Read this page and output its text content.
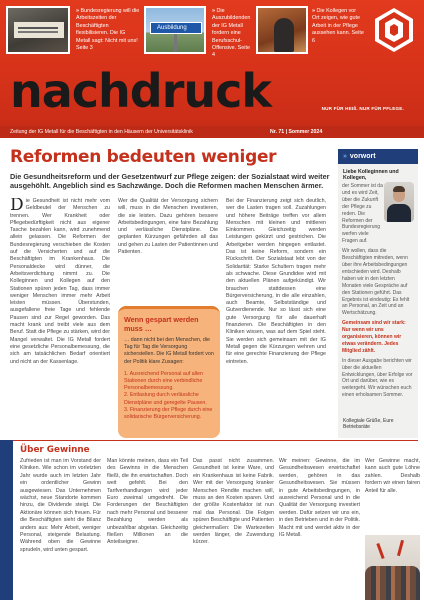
» Bundesregierung will die Arbeitszeiten der Beschäftigten flexibilisieren. Die IG Metall sagt: Nicht mit uns! Seite 3
Ausbildung
» Die Auszubildenden der IG Metall fordern eine Berufsschul-Offensive. Seite 4
» Die Kollegen vor Ort zeigen, wie gute Arbeit in der Pflege aussehen kann. Seite 6
nachdruck	NUR FÜR HEIß. NUR FÜR PFLEGE.
Zeitung der IG Metall für die Beschäftigten in den Häusern der Universitätsklinik	Nr. 71 | Sommer 2024
Reformen bedeuten weniger

Die Gesundheitsreform und der Gesetzentwurf zur Pflege zeigen: der Sozialstaat wird weiter ausgehöhlt. Angeblich sind es Sachzwänge. Doch die Reformen machen Menschen ärmer.

Die Gesundheit ist nicht mehr vom Geldbeutel der Menschen zu trennen. Wer Krankheit oder Pflegebedürftigkeit nicht aus eigener Tasche bezahlen kann, wird zunehmend allein gelassen. Die Reformen der Bundesregierung verschieben die Kosten auf die Versicherten und auf die Beschäftigten im Krankenhaus. Die Personaldecke wird dünner, die Arbeitsverdichtung nimmt zu. Die Kolleginnen und Kollegen auf den Stationen spüren jeden Tag, dass immer weniger Menschen immer mehr Arbeit leisten müssen. Überstunden, ausgefallene freie Tage und fehlende Pausen sind zur Regel geworden. Das macht krank und treibt viele aus dem Beruf. Statt die Pflege zu stärken, wird der Mangel verwaltet. Die IG Metall fordert eine gesetzliche Personalbemessung, die sich am tatsächlichen Bedarf orientiert und nicht an der Kassenlage.
Wer die Qualität der Versorgung sichern will, muss in die Menschen investieren, die sie leisten. Dazu gehören bessere Arbeitsbedingungen, eine faire Bezahlung und verlässliche Dienstpläne. Die geplanten Kürzungen gefährden all das und gehen zu Lasten der Patientinnen und Patienten.
Bei der Finanzierung zeigt sich deutlich, wer die Lasten tragen soll. Zuzahlungen und höhere Beiträge treffen vor allem Menschen mit kleinen und mittleren Einkommen. Gleichzeitig werden Leistungen gekürzt und gestrichen. Die Arbeitgeber werden hingegen entlastet. Das ist keine Reform, sondern ein Rückschritt. Der Sozialstaat lebt von der Solidarität: Starke Schultern tragen mehr als schwache. Diese Grundidee wird mit den aktuellen Plänen aufgekündigt. Wir brauchen stattdessen eine Bürgerversicherung, in die alle einzahlen, auch Beamte, Selbstständige und Gutverdienende. Nur so lässt sich eine gute Versorgung für alle dauerhaft finanzieren. Die Beschäftigten in den Kliniken wissen, was auf dem Spiel steht. Sie werden sich gemeinsam mit der IG Metall gegen die Kürzungen wehren und für eine gerechte Finanzierung der Pflege eintreten.
Wenn gespart werden muss …
… dann nicht bei den Menschen, die Tag für Tag die Versorgung sicherstellen. Die IG Metall fordert von der Politik klare Zusagen:
1. Ausreichend Personal auf allen Stationen durch eine verbindliche Personalbemessung.
2. Entlastung durch verlässliche Dienstpläne und geregelte Pausen.
3. Finanzierung der Pflege durch eine solidarische Bürgerversicherung.
» vorwort
Liebe Kolleginnen und Kollegen,

der Sommer ist da und es wird Zeit, über die Zukunft der Pflege zu reden. Die Reformen der Bundesregierung werfen viele Fragen auf.

Wir wollen, dass die Beschäftigten mitreden, wenn über ihre Arbeitsbedingungen entschieden wird. Deshalb haben wir in den letzten Monaten viele Gespräche auf den Stationen geführt. Das Ergebnis ist eindeutig: Es fehlt an Personal, an Zeit und an Wertschätzung.

Gemeinsam sind wir stark: Nur wenn wir uns organisieren, können wir etwas verändern. Jedes Mitglied zählt.

In dieser Ausgabe berichten wir über die aktuellen Entwicklungen, über Erfolge vor Ort und darüber, wie es weitergeht. Wir wünschen euch einen erholsamen Sommer.

Kollegiale Grüße, Eure Betriebsräte
Über Gewinne
Zufrieden ist man im Vorstand der Kliniken. Wie schon im vorletzten Jahr wurde auch im letzten Jahr ein ordentlicher Gewinn ausgewiesen. Das Unternehmen wächst, neue Standorte kommen hinzu, die Dividende steigt. Die Aktionäre können sich freuen. Für die Beschäftigten sieht die Bilanz anders aus: Mehr Arbeit, weniger Personal, steigende Belastung. Während oben die Gewinne sprudeln, wird unten gespart.
Man könnte meinen, dass ein Teil des Gewinns in die Menschen fließt, die ihn erwirtschaften. Doch weit gefehlt. Bei den Tarifverhandlungen wird jeder Euro zweimal umgedreht. Die Forderungen der Beschäftigten nach mehr Personal und besserer Bezahlung werden als unbezahlbar abgetan. Gleichzeitig fließen Millionen an die Anteilseigner.
Das passt nicht zusammen. Gesundheit ist keine Ware, und ein Krankenhaus ist keine Fabrik. Wer mit der Versorgung kranker Menschen Rendite machen will, muss an den Kosten sparen. Und der größte Kostenfaktor ist nun mal das Personal. Die Folgen spüren Beschäftigte und Patienten gleichermaßen: Die Wartezeiten werden länger, die Zuwendung kürzer.
Wir meinen: Gewinne, die im Gesundheitswesen erwirtschaftet werden, gehören in das Gesundheitswesen. Sie müssen in gute Arbeitsbedingungen, in ausreichend Personal und in die Qualität der Versorgung investiert werden. Dafür setzen wir uns ein, in den Betrieben und in der Politik. Macht mit und werdet aktiv in der IG Metall.
Wer Gewinne macht, kann auch gute Löhne zahlen. Deshalb fordern wir einen fairen Anteil für alle.
